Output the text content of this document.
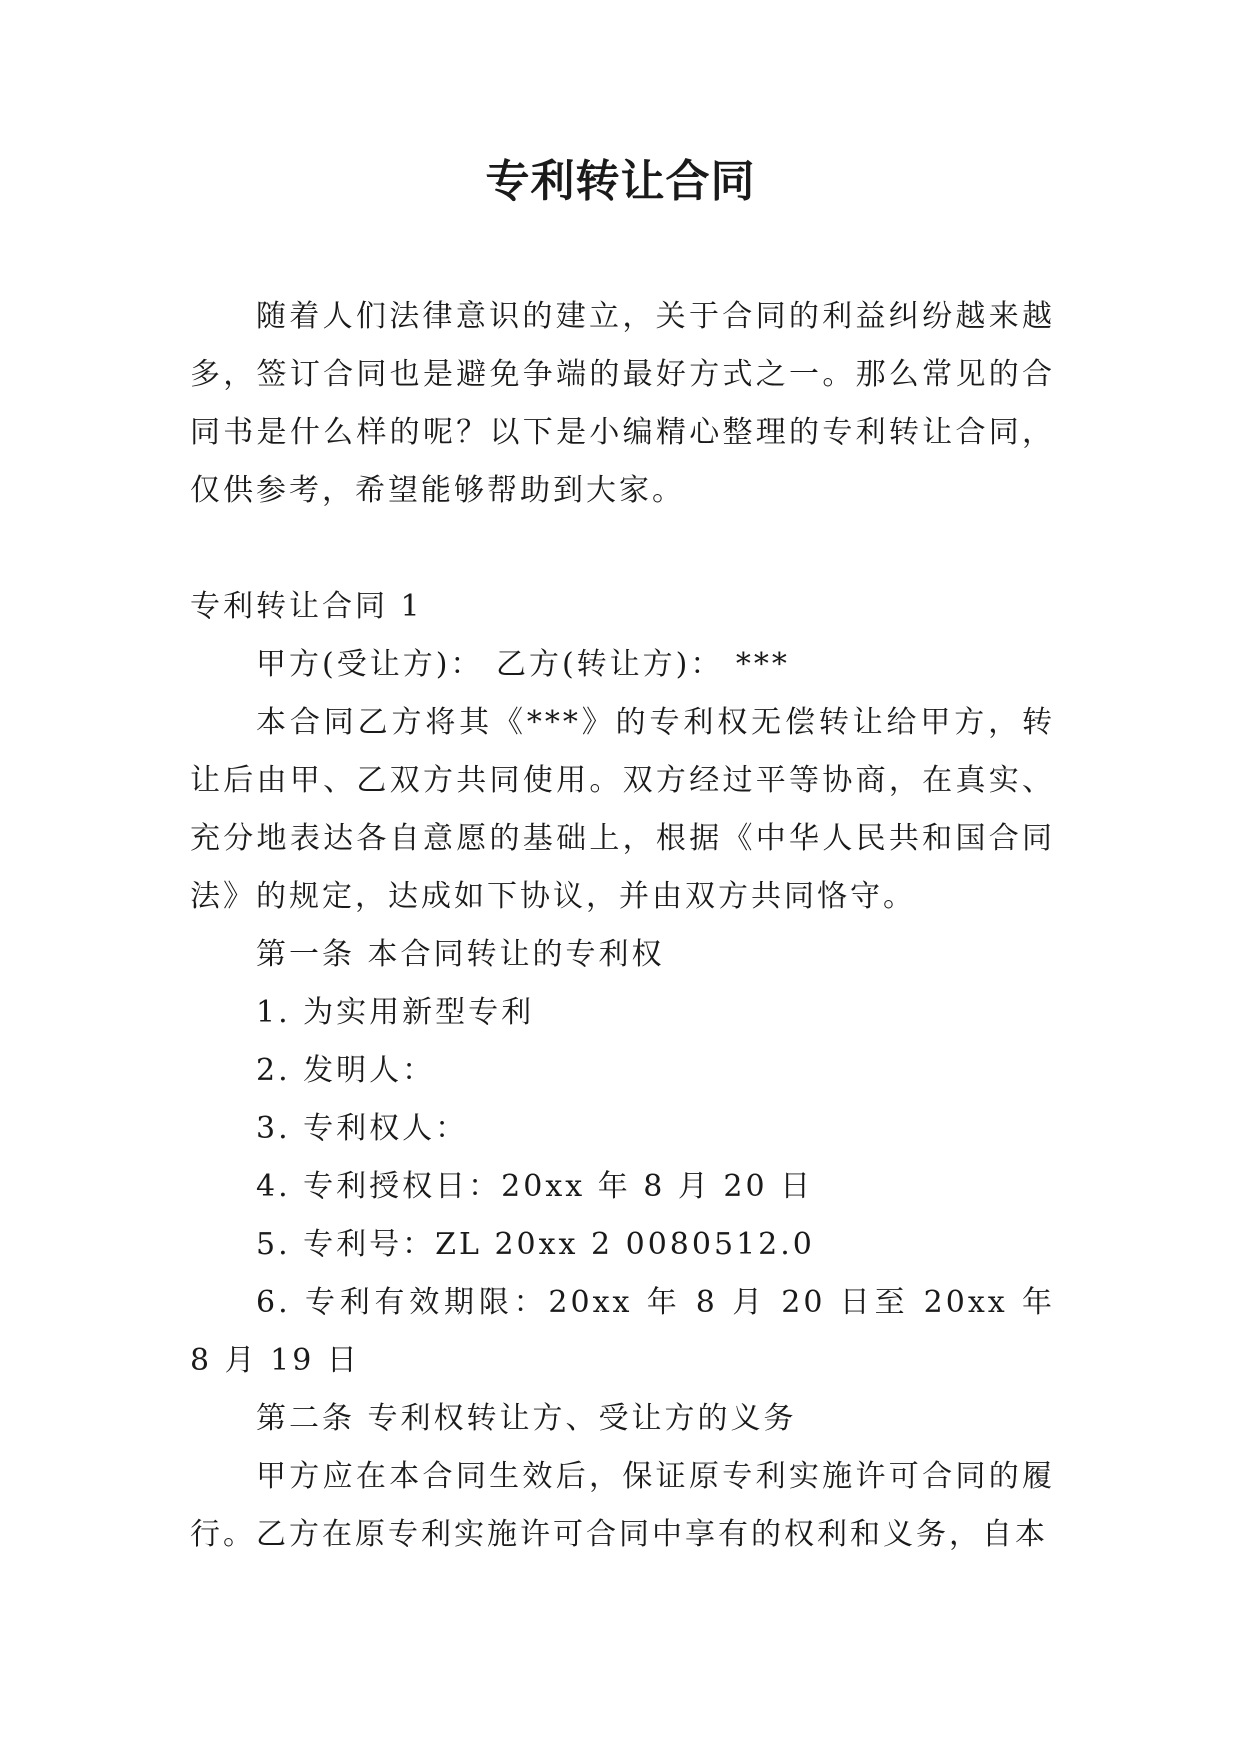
专利转让合同

随着人们法律意识的建立，关于合同的利益纠纷越来越多，签订合同也是避免争端的最好方式之一。那么常见的合同书是什么样的呢？以下是小编精心整理的专利转让合同，仅供参考，希望能够帮助到大家。

专利转让合同 1

甲方(受让方)： 乙方(转让方)： ***

本合同乙方将其《***》的专利权无偿转让给甲方，转让后由甲、乙双方共同使用。双方经过平等协商，在真实、充分地表达各自意愿的基础上，根据《中华人民共和国合同法》的规定，达成如下协议，并由双方共同恪守。

第一条 本合同转让的专利权

1. 为实用新型专利

2. 发明人：

3. 专利权人：

4. 专利授权日：20xx 年 8 月 20 日

5. 专利号：ZL 20xx 2 0080512.0

6. 专利有效期限：20xx 年 8 月 20 日至 20xx 年 8 月 19 日

第二条 专利权转让方、受让方的义务

甲方应在本合同生效后，保证原专利实施许可合同的履行。乙方在原专利实施许可合同中享有的权利和义务，自本
